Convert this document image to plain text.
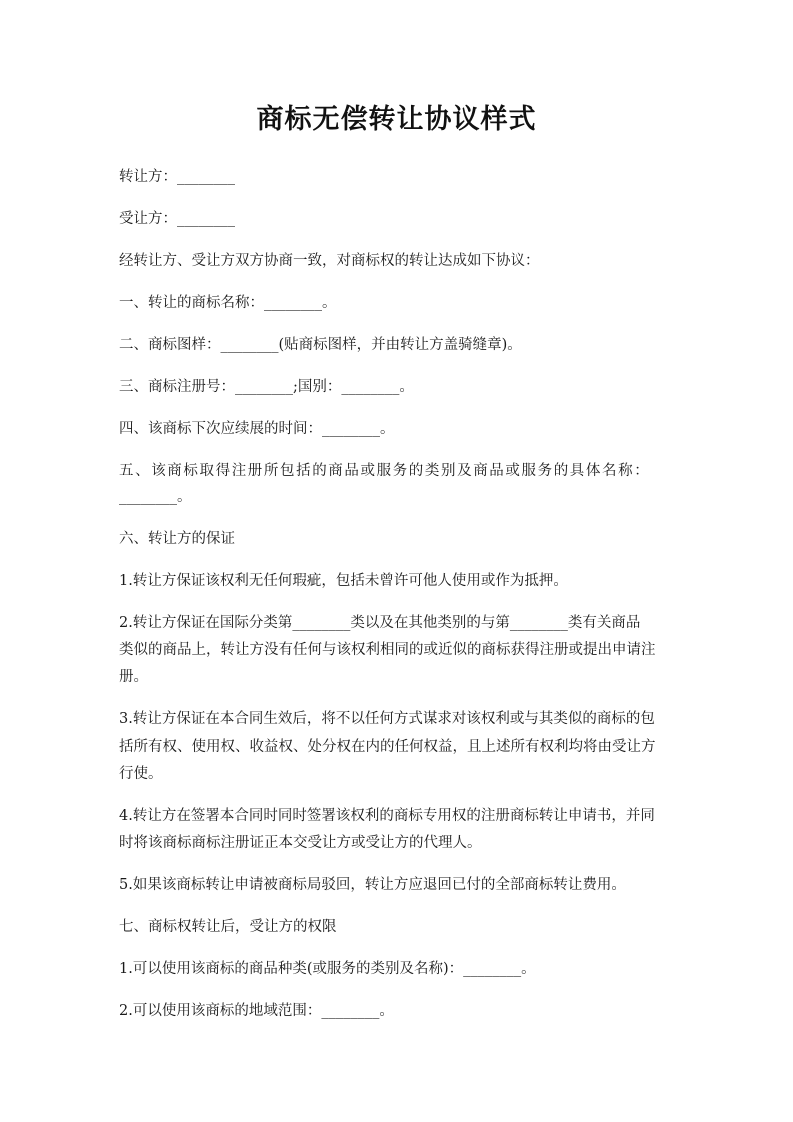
商标无偿转让协议样式
转让方：________
受让方：________
经转让方、受让方双方协商一致，对商标权的转让达成如下协议：
一、转让的商标名称：________。
二、商标图样：________(贴商标图样，并由转让方盖骑缝章)。
三、商标注册号：________;国别：________。
四、该商标下次应续展的时间：________。
五、该商标取得注册所包括的商品或服务的类别及商品或服务的具体名称：
________。
六、转让方的保证
1.转让方保证该权利无任何瑕疵，包括未曾许可他人使用或作为抵押。
2.转让方保证在国际分类第________类以及在其他类别的与第________类有关商品
类似的商品上，转让方没有任何与该权利相同的或近似的商标获得注册或提出申请注
册。
3.转让方保证在本合同生效后，将不以任何方式谋求对该权利或与其类似的商标的包
括所有权、使用权、收益权、处分权在内的任何权益，且上述所有权利均将由受让方
行使。
4.转让方在签署本合同时同时签署该权利的商标专用权的注册商标转让申请书，并同
时将该商标商标注册证正本交受让方或受让方的代理人。
5.如果该商标转让申请被商标局驳回，转让方应退回已付的全部商标转让费用。
七、商标权转让后，受让方的权限
1.可以使用该商标的商品种类(或服务的类别及名称)：________。
2.可以使用该商标的地域范围：________。
